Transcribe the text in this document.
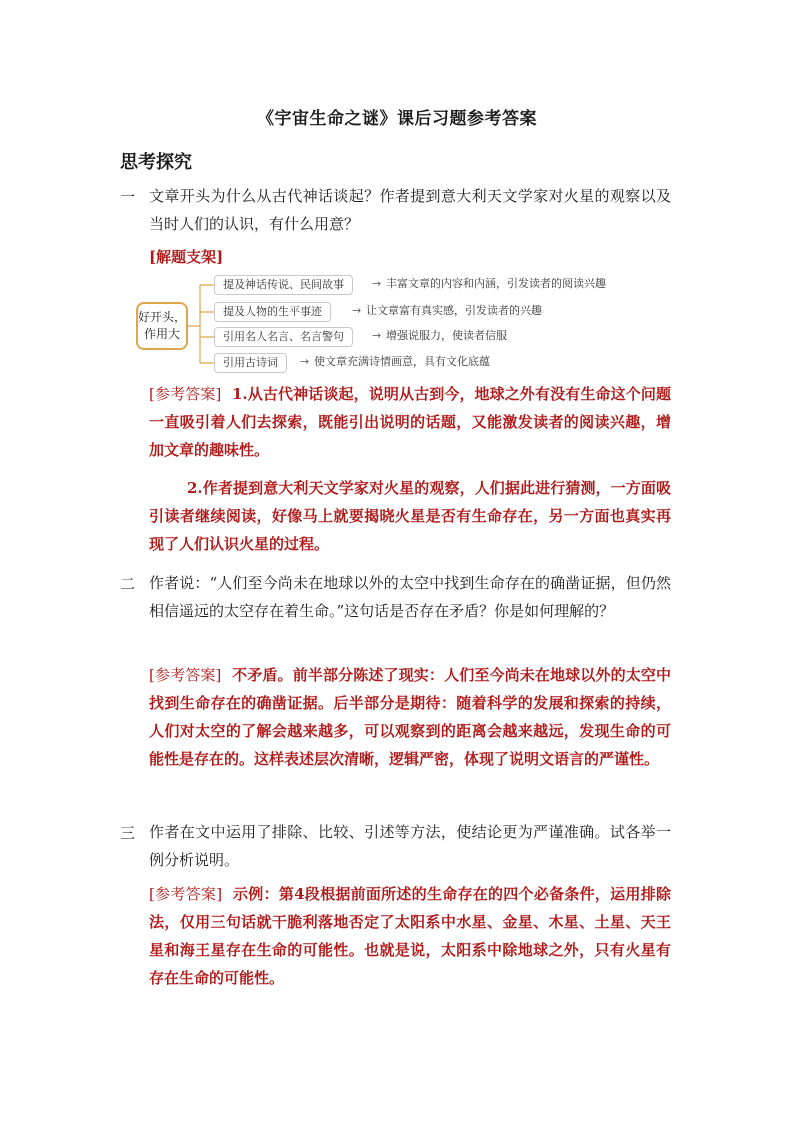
《宇宙生命之谜》课后习题参考答案
思考探究
一 文章开头为什么从古代神话谈起？作者提到意大利天文学家对火星的观察以及当时人们的认识，有什么用意？
[解题支架]
好开头，
作用大
提及神话传说、民间故事	→ 丰富文章的内容和内涵，引发读者的阅读兴趣
提及人物的生平事迹	→ 让文章富有真实感，引发读者的兴趣
引用名人名言、名言警句	→ 增强说服力，使读者信服
引用古诗词	→ 使文章充满诗情画意，具有文化底蕴
[参考答案] 1.从古代神话谈起，说明从古到今，地球之外有没有生命这个问题一直吸引着人们去探索，既能引出说明的话题，又能激发读者的阅读兴趣，增加文章的趣味性。
2.作者提到意大利天文学家对火星的观察，人们据此进行猜测，一方面吸引读者继续阅读，好像马上就要揭晓火星是否有生命存在，另一方面也真实再现了人们认识火星的过程。
二 作者说：“人们至今尚未在地球以外的太空中找到生命存在的确凿证据，但仍然相信遥远的太空存在着生命。”这句话是否存在矛盾？你是如何理解的？
[参考答案] 不矛盾。前半部分陈述了现实：人们至今尚未在地球以外的太空中找到生命存在的确凿证据。后半部分是期待：随着科学的发展和探索的持续，人们对太空的了解会越来越多，可以观察到的距离会越来越远，发现生命的可能性是存在的。这样表述层次清晰，逻辑严密，体现了说明文语言的严谨性。
三 作者在文中运用了排除、比较、引述等方法，使结论更为严谨准确。试各举一例分析说明。
[参考答案] 示例：第4段根据前面所述的生命存在的四个必备条件，运用排除法，仅用三句话就干脆利落地否定了太阳系中水星、金星、木星、土星、天王星和海王星存在生命的可能性。也就是说，太阳系中除地球之外，只有火星有存在生命的可能性。
